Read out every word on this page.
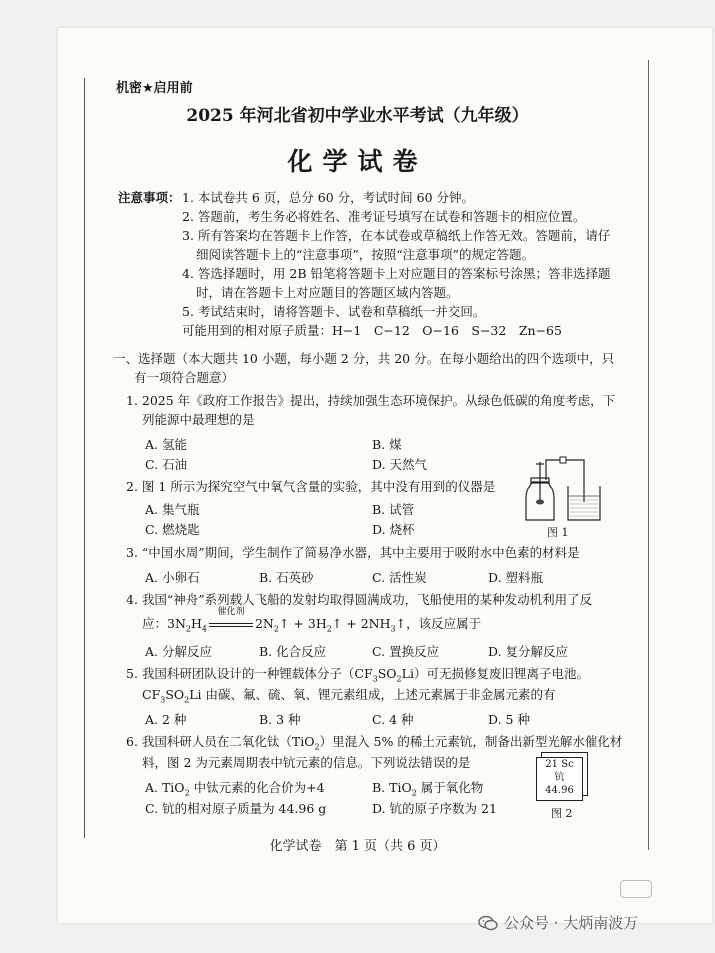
机密★启用前
2025 年河北省初中学业水平考试（九年级）
化学试卷
注意事项： 1. 本试卷共 6 页，总分 60 分，考试时间 60 分钟。
2. 答题前，考生务必将姓名、准考证号填写在试卷和答题卡的相应位置。
3. 所有答案均在答题卡上作答，在本试卷或草稿纸上作答无效。答题前，请仔
细阅读答题卡上的“注意事项”，按照“注意事项”的规定答题。
4. 答选择题时，用 2B 铅笔将答题卡上对应题目的答案标号涂黑；答非选择题
时，请在答题卡上对应题目的答题区域内答题。
5. 考试结束时，请将答题卡、试卷和草稿纸一并交回。
可能用到的相对原子质量：H−1　C−12　O−16　S−32　Zn−65
一、选择题（本大题共 10 小题，每小题 2 分，共 20 分。在每小题给出的四个选项中，只
有一项符合题意）
1. 2025 年《政府工作报告》提出，持续加强生态环境保护。从绿色低碳的角度考虑，下
列能源中最理想的是
A. 氢能	B. 煤
C. 石油	D. 天然气
2. 图 1 所示为探究空气中氧气含量的实验，其中没有用到的仪器是
A. 集气瓶	B. 试管
C. 燃烧匙	D. 烧杯	图 1
3. “中国水周”期间，学生制作了简易净水器，其中主要用于吸附水中色素的材料是
A. 小卵石	B. 石英砂	C. 活性炭	D. 塑料瓶
4. 我国“神舟”系列载人飞船的发射均取得圆满成功，飞船使用的某种发动机利用了反
应：$3N_2H_4$
催化剂
$2N_2↑$ + $3H_2↑$ + $2NH_3↑$，该反应属于
A. 分解反应	B. 化合反应	C. 置换反应	D. 复分解反应
5. 我国科研团队设计的一种锂载体分子$(CF_3SO_2Li)$可无损修复废旧锂离子电池。
$CF_3SO_2Li$ 由碳、氟、硫、氧、锂元素组成，上述元素属于非金属元素的有
A. 2 种	B. 3 种	C. 4 种	D. 5 种
6. 我国科研人员在二氧化钛（TiO$_2$）里混入 5% 的稀土元素钪，制备出新型光解水催化材
料，图 2 为元素周期表中钪元素的信息。下列说法错误的是
A. TiO$_2$ 中钛元素的化合价为+4	B. TiO$_2$ 属于氧化物
C. 钪的相对原子质量为 44.96 g	D. 钪的原子序数为 21
21 Sc
钪
44.96
图 2
化学试卷　第 1 页（共 6 页）
公众号 · 大炳南波万
